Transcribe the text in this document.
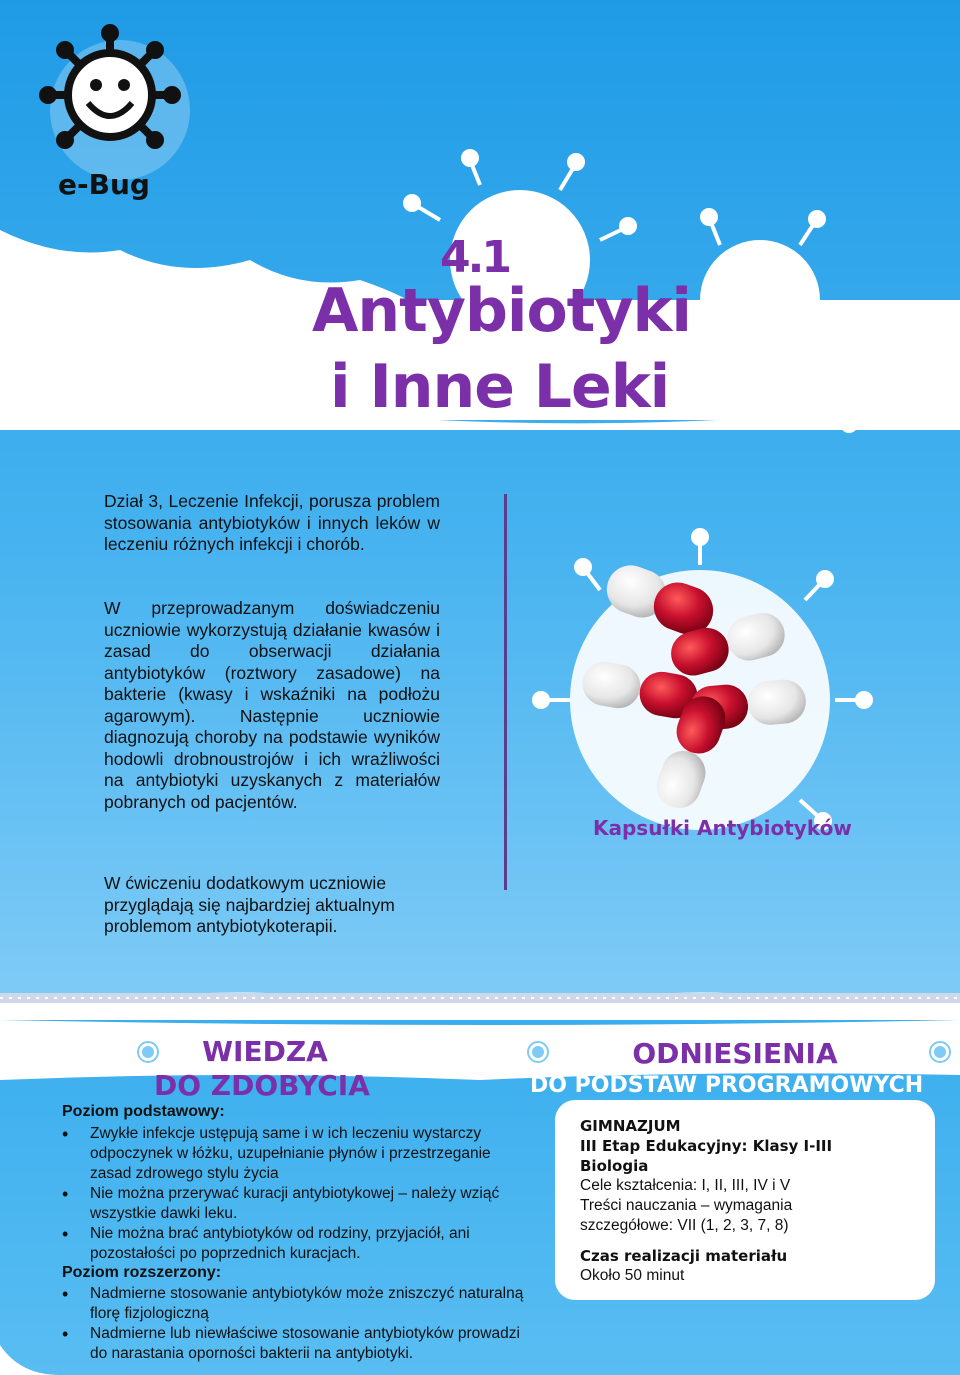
e-Bug
4.1
Antybiotyki
i Inne Leki
Dział 3, Leczenie Infekcji, porusza problem stosowania antybiotyków i innych leków w leczeniu różnych infekcji i chorób.
W przeprowadzanym doświadczeniu uczniowie wykorzystują działanie kwasów i zasad do obserwacji działania antybiotyków (roztwory zasadowe) na bakterie (kwasy i wskaźniki na podłożu agarowym). Następnie uczniowie diagnozują choroby na podstawie wyników hodowli drobnoustrojów i ich wrażliwości na antybiotyki uzyskanych z materiałów pobranych od pacjentów.
W ćwiczeniu dodatkowym uczniowie przyglądają się najbardziej aktualnym problemom antybiotykoterapii.
Kapsułki Antybiotyków
WIEDZA
DO ZDOBYCIA
Poziom podstawowy:
• Zwykłe infekcje ustępują same i w ich leczeniu wystarczy odpoczynek w łóżku, uzupełnianie płynów i przestrzeganie zasad zdrowego stylu życia
• Nie można przerywać kuracji antybiotykowej – należy wziąć wszystkie dawki leku.
• Nie można brać antybiotyków od rodziny, przyjaciół, ani pozostałości po poprzednich kuracjach.
Poziom rozszerzony:
• Nadmierne stosowanie antybiotyków może zniszczyć naturalną florę fizjologiczną
• Nadmierne lub niewłaściwe stosowanie antybiotyków prowadzi do narastania oporności bakterii na antybiotyki.
ODNIESIENIA
DO PODSTAW PROGRAMOWYCH
GIMNAZJUM
III Etap Edukacyjny: Klasy I-III
Biologia
Cele kształcenia: I, II, III, IV i V
Treści nauczania – wymagania
szczegółowe: VII (1, 2, 3, 7, 8)
Czas realizacji materiału
Około 50 minut
